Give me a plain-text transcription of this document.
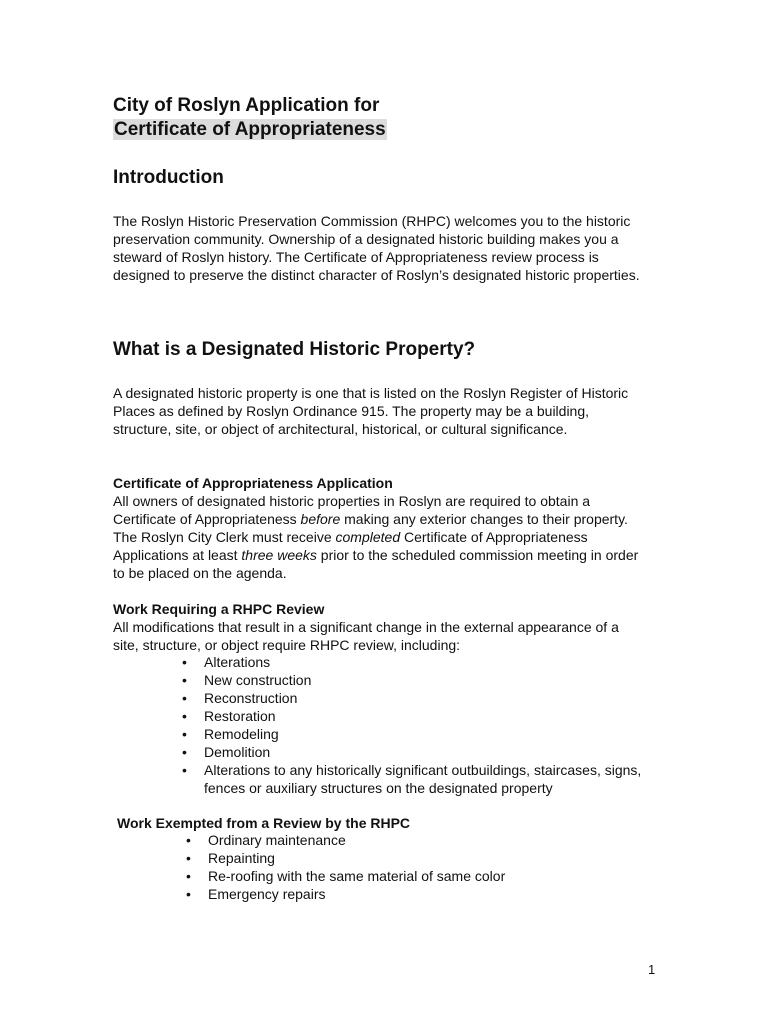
City of Roslyn Application for
Certificate of Appropriateness
Introduction
The Roslyn Historic Preservation Commission (RHPC) welcomes you to the historic preservation community. Ownership of a designated historic building makes you a steward of Roslyn history. The Certificate of Appropriateness review process is designed to preserve the distinct character of Roslyn’s designated historic properties.
What is a Designated Historic Property?
A designated historic property is one that is listed on the Roslyn Register of Historic Places as defined by Roslyn Ordinance 915. The property may be a building, structure, site, or object of architectural, historical, or cultural significance.
Certificate of Appropriateness Application
All owners of designated historic properties in Roslyn are required to obtain a Certificate of Appropriateness before making any exterior changes to their property. The Roslyn City Clerk must receive completed Certificate of Appropriateness Applications at least three weeks prior to the scheduled commission meeting in order to be placed on the agenda.
Work Requiring a RHPC Review
All modifications that result in a significant change in the external appearance of a site, structure, or object require RHPC review, including:
• Alterations
• New construction
• Reconstruction
• Restoration
• Remodeling
• Demolition
• Alterations to any historically significant outbuildings, staircases, signs, fences or auxiliary structures on the designated property
Work Exempted from a Review by the RHPC
• Ordinary maintenance
• Repainting
• Re-roofing with the same material of same color
• Emergency repairs
1
